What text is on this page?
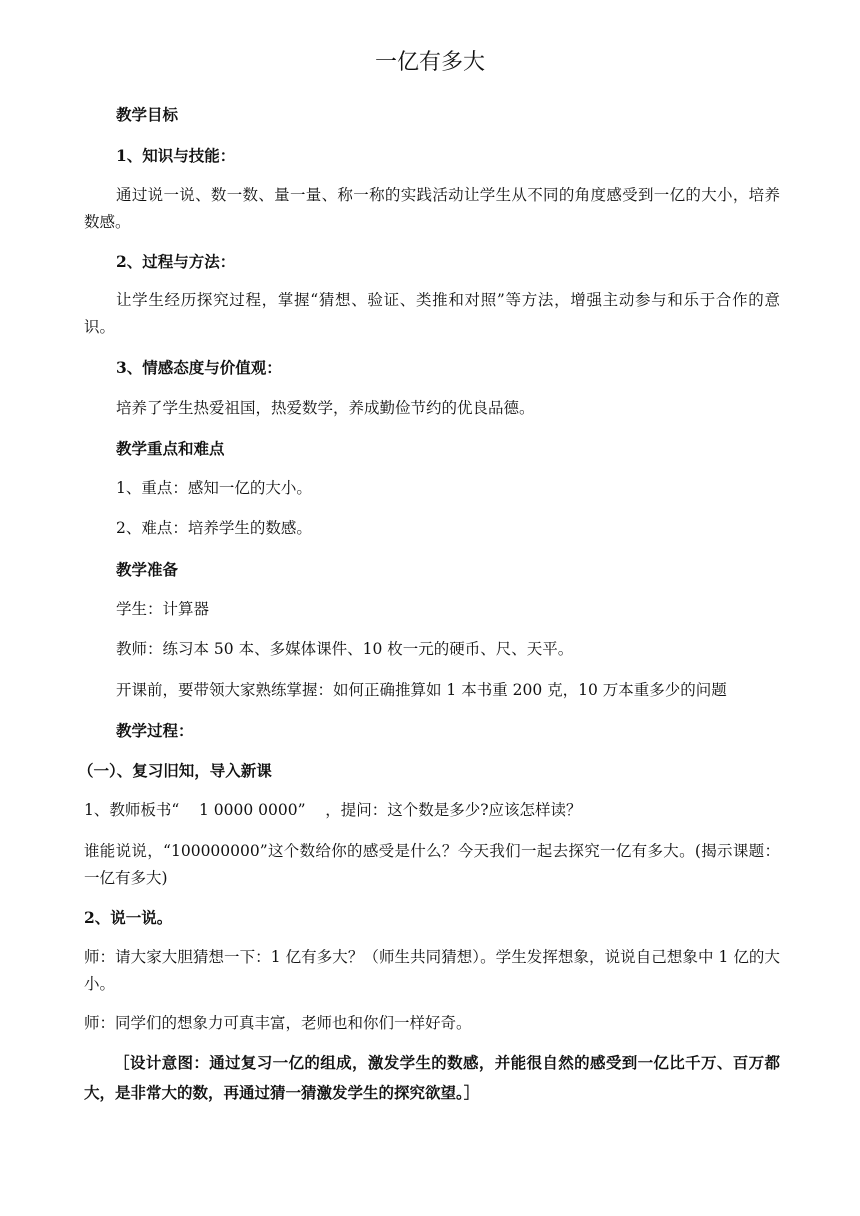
一亿有多大

教学目标

1、知识与技能：

通过说一说、数一数、量一量、称一称的实践活动让学生从不同的角度感受到一亿的大小，培养数感。

2、过程与方法：

让学生经历探究过程，掌握“猜想、验证、类推和对照”等方法，增强主动参与和乐于合作的意识。

3、情感态度与价值观：

培养了学生热爱祖国，热爱数学，养成勤俭节约的优良品德。

教学重点和难点

1、重点：感知一亿的大小。

2、难点：培养学生的数感。

教学准备

学生：计算器

教师：练习本 50 本、多媒体课件、10 枚一元的硬币、尺、天平。

开课前，要带领大家熟练掌握：如何正确推算如 1 本书重 200 克，10 万本重多少的问题

教学过程：

（一）、复习旧知，导入新课

1、教师板书“    1 0000 0000”    ，提问：这个数是多少?应该怎样读？

谁能说说，“100000000”这个数给你的感受是什么？今天我们一起去探究一亿有多大。(揭示课题：一亿有多大)

2、说一说。

师：请大家大胆猜想一下：1 亿有多大？（师生共同猜想）。学生发挥想象，说说自己想象中 1 亿的大小。

师：同学们的想象力可真丰富，老师也和你们一样好奇。

［设计意图：通过复习一亿的组成，激发学生的数感，并能很自然的感受到一亿比千万、百万都大，是非常大的数，再通过猜一猜激发学生的探究欲望。］
